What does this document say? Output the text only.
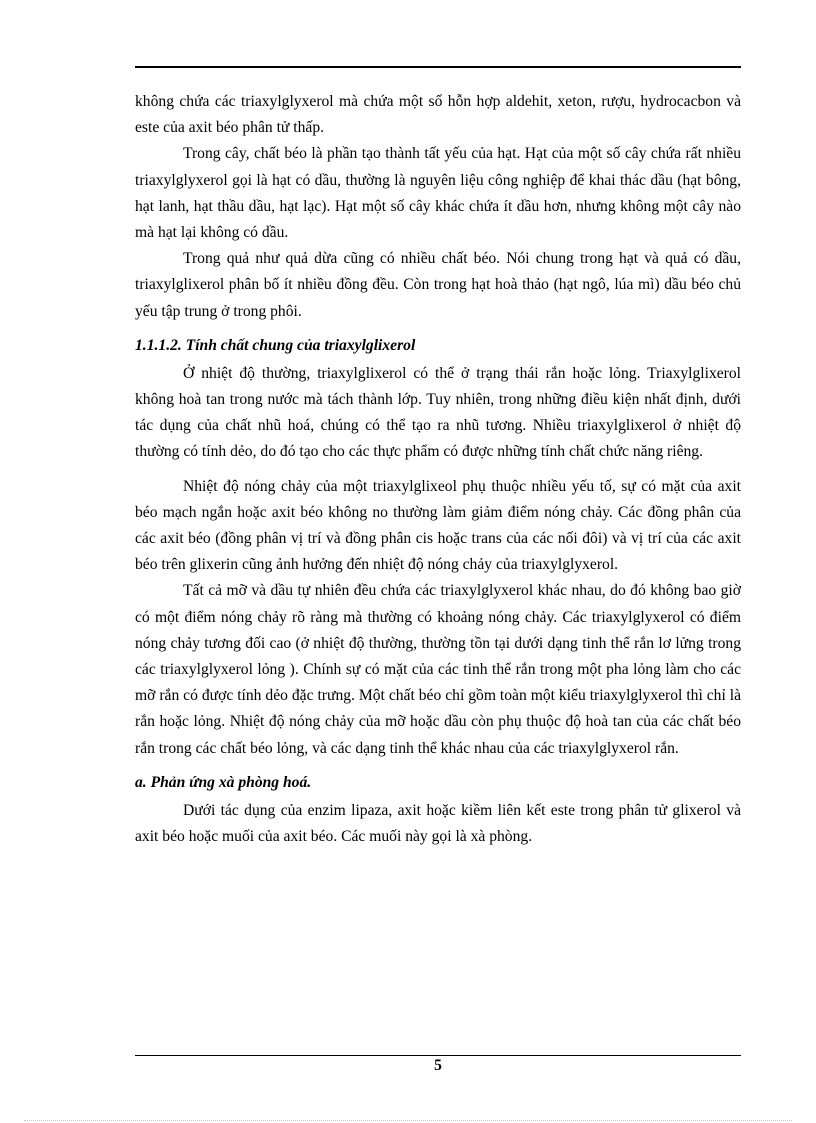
không chứa các triaxylglyxerol mà chứa một số hỗn hợp aldehit, xeton, rượu, hydrocacbon và este của axit béo phân tử thấp.

Trong cây, chất béo là phần tạo thành tất yếu của hạt. Hạt của một số cây chứa rất nhiều triaxylglyxerol gọi là hạt có dầu, thường là nguyên liệu công nghiệp để khai thác dầu (hạt bông, hạt lanh, hạt thầu dầu, hạt lạc). Hạt một số cây khác chứa ít dầu hơn, nhưng không một cây nào mà hạt lại không có dầu.

Trong quả như quả dừa cũng có nhiều chất béo. Nói chung trong hạt và quả có dầu, triaxylglixerol phân bố ít nhiều đồng đều. Còn trong hạt hoà thảo (hạt ngô, lúa mì) dầu béo chủ yếu tập trung ở trong phôi.

1.1.1.2. Tính chất chung của triaxylglixerol

Ở nhiệt độ thường, triaxylglixerol có thể ở trạng thái rắn hoặc lỏng. Triaxylglixerol không hoà tan trong nước mà tách thành lớp. Tuy nhiên, trong những điều kiện nhất định, dưới tác dụng của chất nhũ hoá, chúng có thể tạo ra nhũ tương. Nhiều triaxylglixerol ở nhiệt độ thường có tính dẻo, do đó tạo cho các thực phẩm có được những tính chất chức năng riêng.

Nhiệt độ nóng chảy của một triaxylglixeol phụ thuộc nhiều yếu tố, sự có mặt của axit béo mạch ngắn hoặc axit béo không no thường làm giảm điểm nóng chảy. Các đồng phân của các axit béo (đồng phân vị trí và đồng phân cis hoặc trans của các nối đôi) và vị trí của các axit béo trên glixerin cũng ảnh hưởng đến nhiệt độ nóng chảy của triaxylglyxerol.

Tất cả mỡ và dầu tự nhiên đều chứa các triaxylglyxerol khác nhau, do đó không bao giờ có một điểm nóng chảy rõ ràng mà thường có khoảng nóng chảy. Các triaxylglyxerol có điểm nóng chảy tương đối cao (ở nhiệt độ thường, thường tồn tại dưới dạng tinh thể rắn lơ lửng trong các triaxylglyxerol lỏng ). Chính sự có mặt của các tinh thể rắn trong một pha lỏng làm cho các mỡ rắn có được tính dẻo đặc trưng. Một chất béo chỉ gồm toàn một kiểu triaxylglyxerol thì chỉ là rắn hoặc lỏng. Nhiệt độ nóng chảy của mỡ hoặc dầu còn phụ thuộc độ hoà tan của các chất béo rắn trong các chất béo lỏng, và các dạng tinh thể khác nhau của các triaxylglyxerol rắn.

a. Phản ứng xà phòng hoá.

Dưới tác dụng của enzim lipaza, axit hoặc kiềm liên kết este trong phân tử glixerol và axit béo hoặc muối của axit béo. Các muối này gọi là xà phòng.

5
